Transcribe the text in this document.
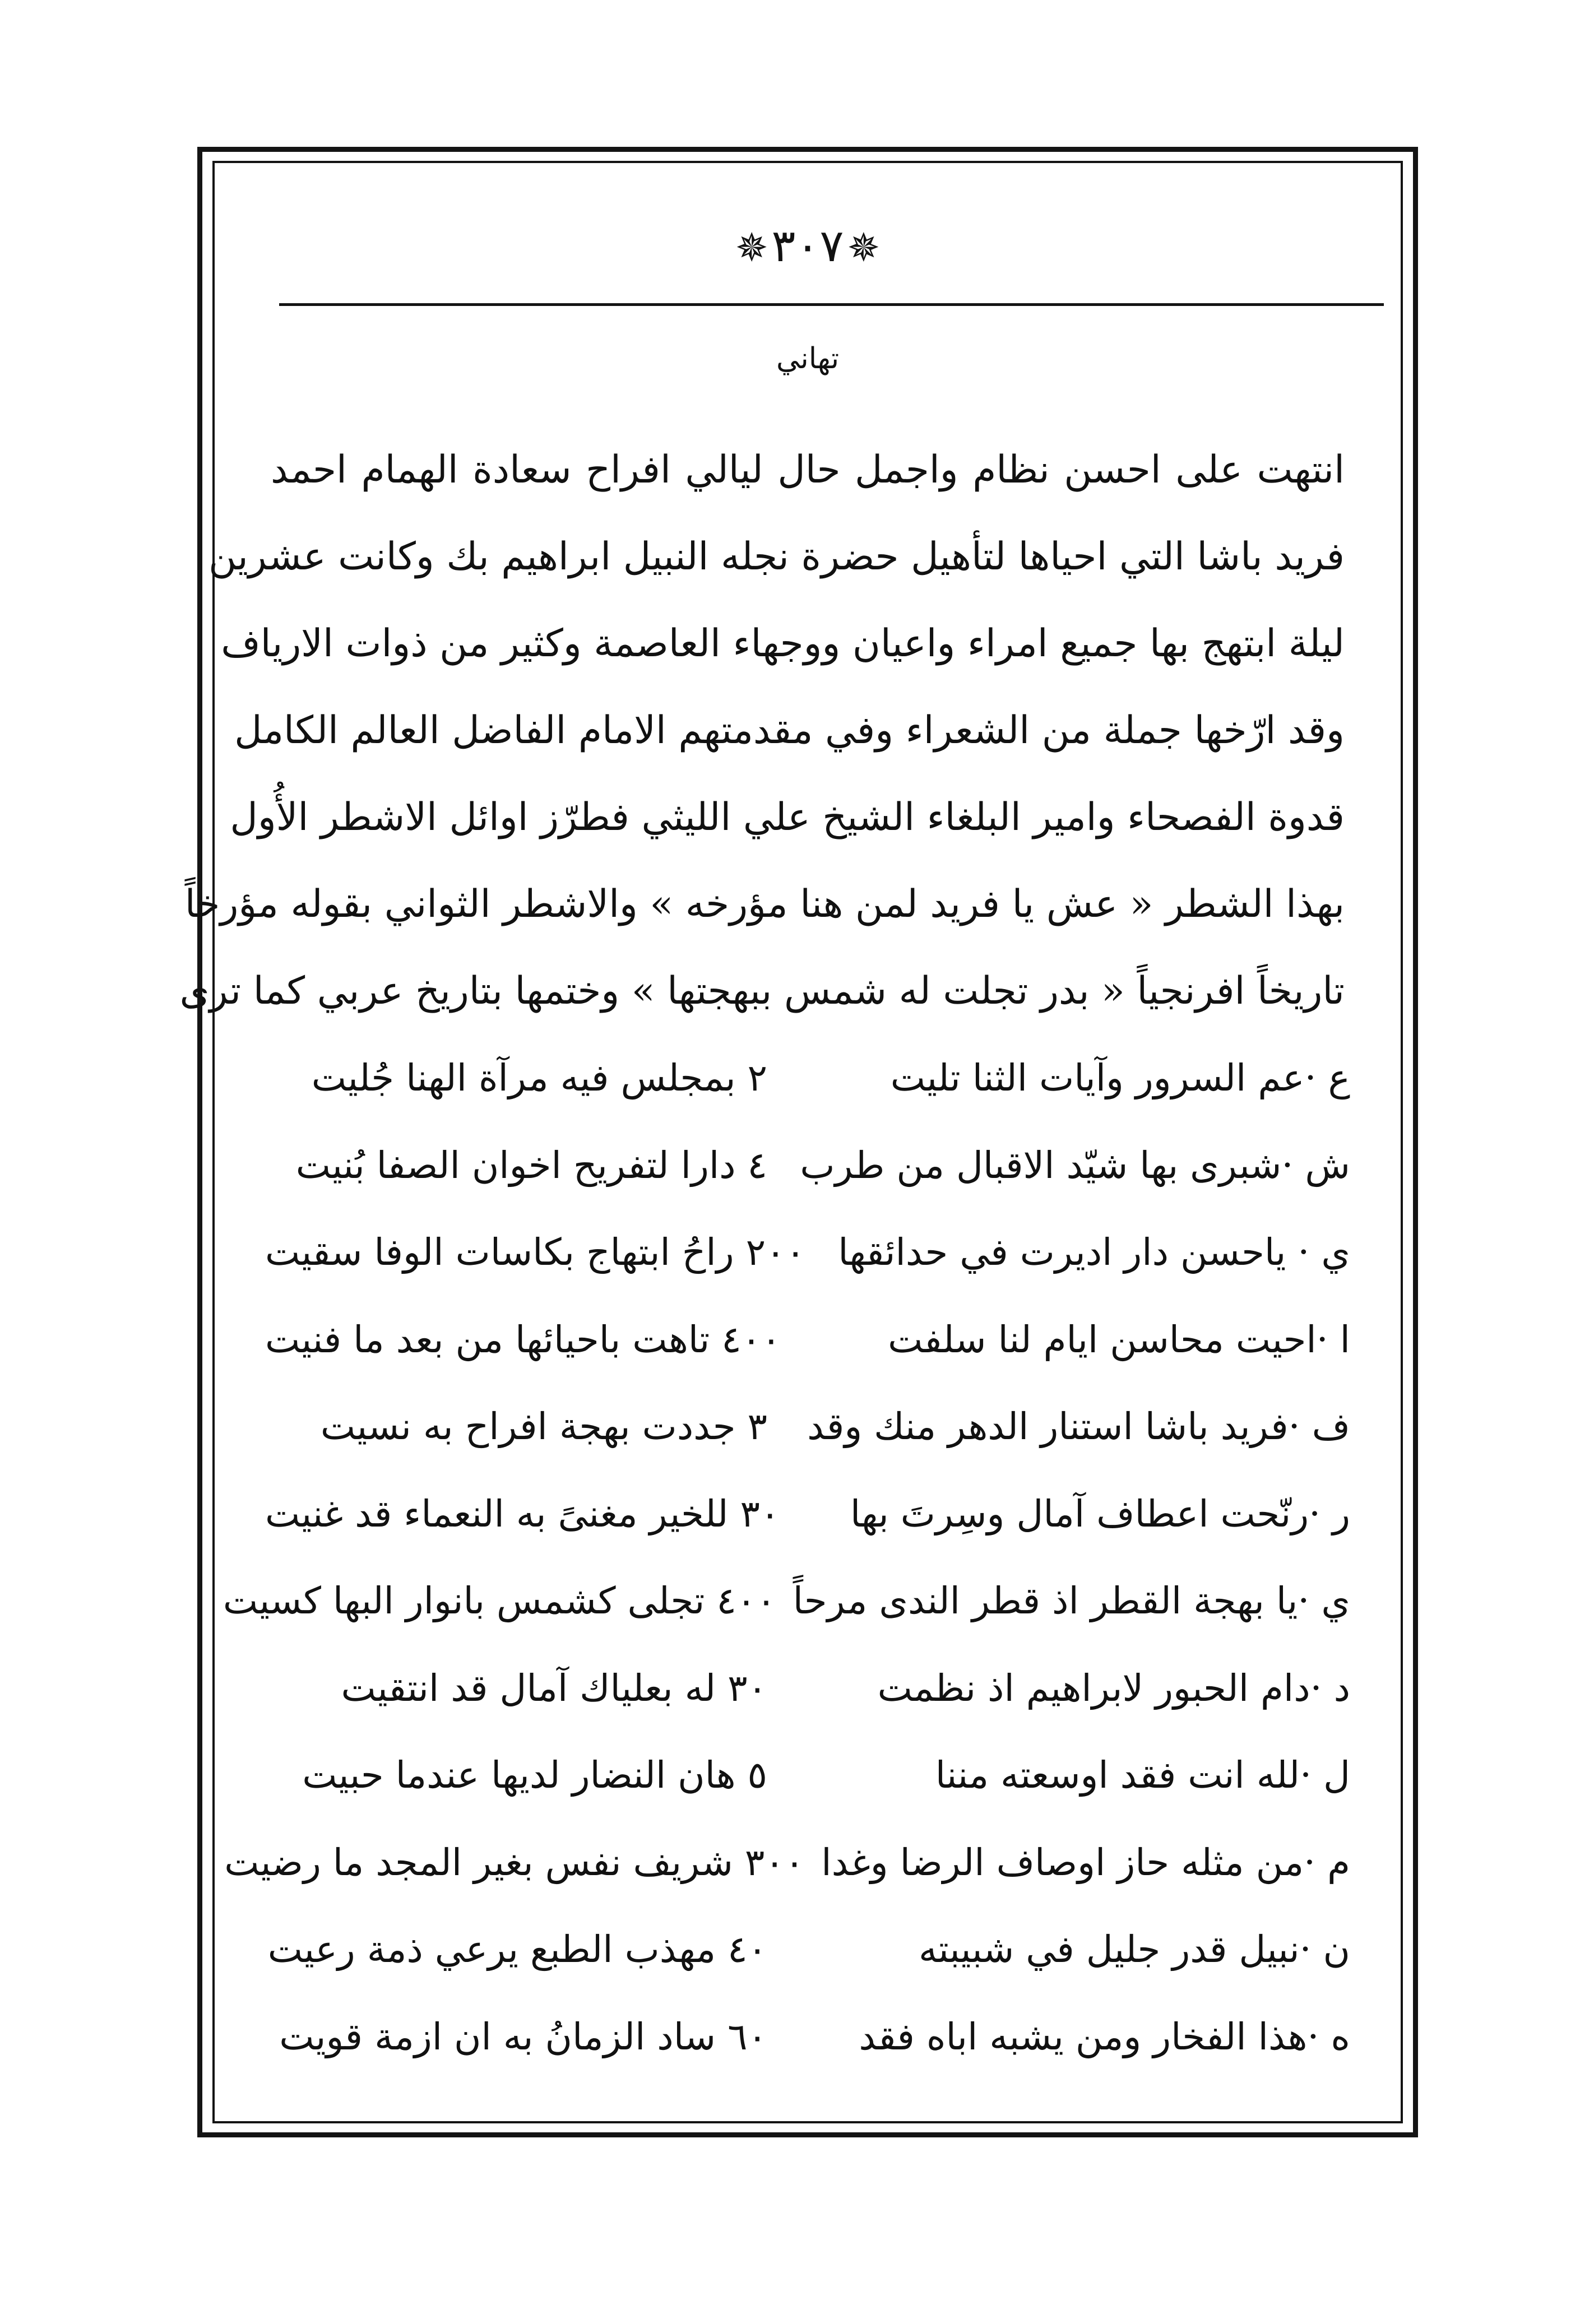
✵٣٠٧✵
تهاني
انتهت على احسن نظام واجمل حال ليالي افراح سعادة الهمام احمد
فريد باشا التي احياها لتأهيل حضرة نجله النبيل ابراهيم بك وكانت عشرين
ليلة ابتهج بها جميع امراء واعيان ووجهاء العاصمة وكثير من ذوات الارياف
وقد ارّخها جملة من الشعراء وفي مقدمتهم الامام الفاضل العالم الكامل
قدوة الفصحاء وامير البلغاء الشيخ علي الليثي فطرّز اوائل الاشطر الأُول
بهذا الشطر « عش يا فريد لمن هنا مؤرخه » والاشطر الثواني بقوله مؤرخاً
تاريخاً افرنجياً « بدر تجلت له شمس ببهجتها » وختمها بتاريخ عربي كما ترى
ع ·عم السرور وآيات الثنا تليت
٢ بمجلس فيه مرآة الهنا جُليت
ش ·شبرى بها شيّد الاقبال من طرب
٤ دارا لتفريح اخوان الصفا بُنيت
ي · ياحسن دار اديرت في حدائقها
٢٠٠ راحُ ابتهاج بكاسات الوفا سقيت
ا ·احيت محاسن ايام لنا سلفت
٤٠٠ تاهت باحيائها من بعد ما فنيت
ف ·فريد باشا استنار الدهر منك وقد
٣ جددت بهجة افراح به نسيت
ر ·رنّحت اعطاف آمال وسِرتَ بها
٣٠ للخير مغنىً به النعماء قد غنيت
ي ·يا بهجة القطر اذ قطر الندى مرحاً
٤٠٠ تجلى كشمس بانوار البها كسيت
د ·دام الحبور لابراهيم اذ نظمت
٣٠ له بعلياك آمال قد انتقيت
ل ·لله انت فقد اوسعته مننا
٥ هان النضار لديها عندما حبيت
م ·من مثله حاز اوصاف الرضا وغدا
٣٠٠ شريف نفس بغير المجد ما رضيت
ن ·نبيل قدر جليل في شبيبته
٤٠ مهذب الطبع يرعي ذمة رعيت
ه ·هذا الفخار ومن يشبه اباه فقد
٦٠ ساد الزمانُ به ان ازمة قويت
